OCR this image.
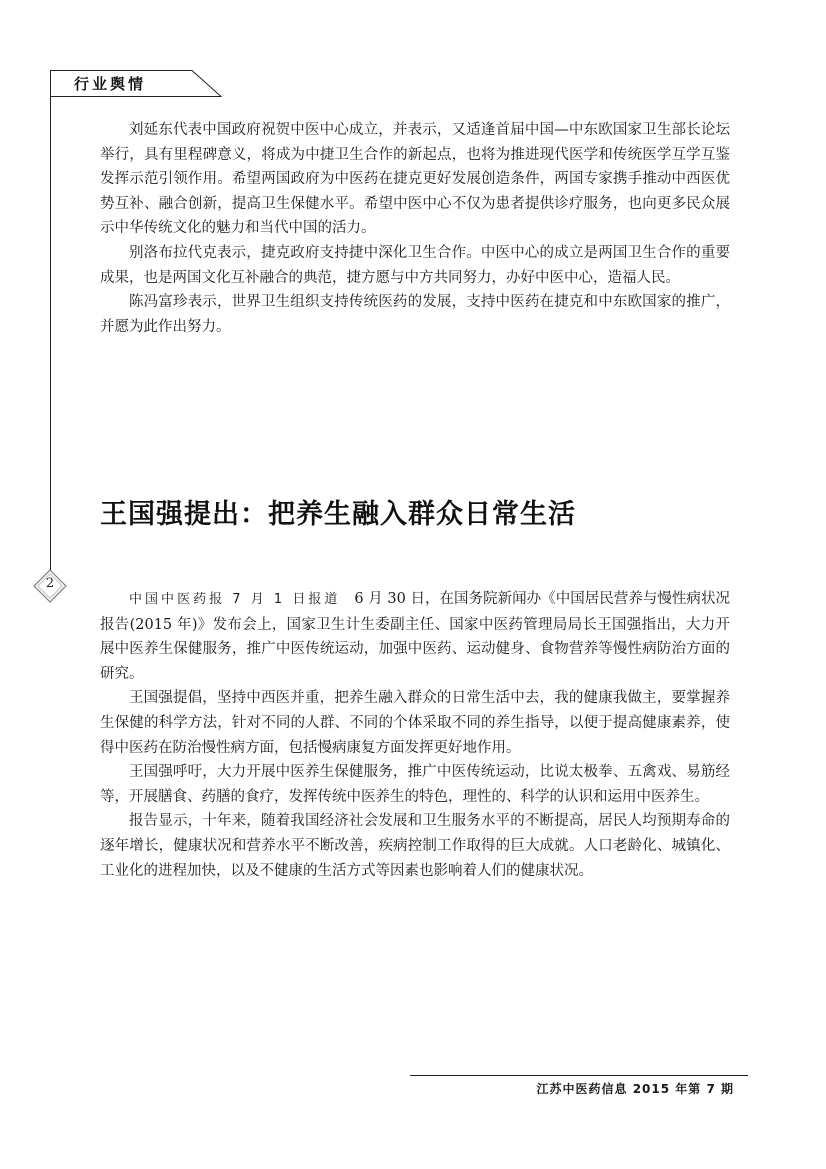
行业舆情

刘延东代表中国政府祝贺中医中心成立，并表示，又适逢首届中国—中东欧国家卫生部长论坛举行，具有里程碑意义，将成为中捷卫生合作的新起点，也将为推进现代医学和传统医学互学互鉴发挥示范引领作用。希望两国政府为中医药在捷克更好发展创造条件，两国专家携手推动中西医优势互补、融合创新，提高卫生保健水平。希望中医中心不仅为患者提供诊疗服务，也向更多民众展示中华传统文化的魅力和当代中国的活力。

别洛布拉代克表示，捷克政府支持捷中深化卫生合作。中医中心的成立是两国卫生合作的重要成果，也是两国文化互补融合的典范，捷方愿与中方共同努力，办好中医中心，造福人民。

陈冯富珍表示，世界卫生组织支持传统医药的发展，支持中医药在捷克和中东欧国家的推广，并愿为此作出努力。

王国强提出：把养生融入群众日常生活
2

中国中医药报 7 月 1 日报道 6 月 30 日，在国务院新闻办《中国居民营养与慢性病状况报告(2015 年)》发布会上，国家卫生计生委副主任、国家中医药管理局局长王国强指出，大力开展中医养生保健服务，推广中医传统运动，加强中医药、运动健身、食物营养等慢性病防治方面的研究。

王国强提倡，坚持中西医并重，把养生融入群众的日常生活中去，我的健康我做主，要掌握养生保健的科学方法，针对不同的人群、不同的个体采取不同的养生指导，以便于提高健康素养，使得中医药在防治慢性病方面，包括慢病康复方面发挥更好地作用。

王国强呼吁，大力开展中医养生保健服务，推广中医传统运动，比说太极拳、五禽戏、易筋经等，开展膳食、药膳的食疗，发挥传统中医养生的特色，理性的、科学的认识和运用中医养生。

报告显示，十年来，随着我国经济社会发展和卫生服务水平的不断提高，居民人均预期寿命的逐年增长，健康状况和营养水平不断改善，疾病控制工作取得的巨大成就。人口老龄化、城镇化、工业化的进程加快，以及不健康的生活方式等因素也影响着人们的健康状况。

江苏中医药信息 2015 年第 7 期
